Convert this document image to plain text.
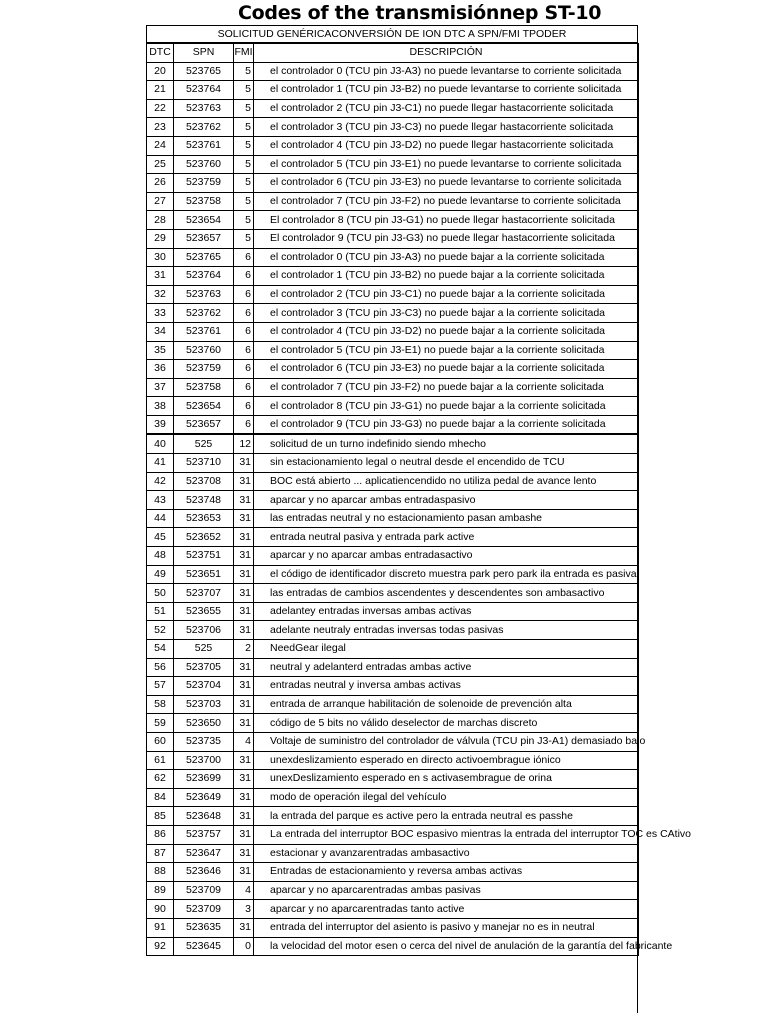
Codes of the transmisiónnep ST-10
SOLICITUD GENÉRICACONVERSIÓN DE ION DTC A SPN/FMI TPODER
DTC	SPN	FMI	DESCRIPCIÓN
20	523765	5	el controlador 0 (TCU pin J3-A3) no puede levantarse to corriente solicitada
21	523764	5	el controlador 1 (TCU pin J3-B2) no puede levantarse to corriente solicitada
22	523763	5	el controlador 2 (TCU pin J3-C1) no puede llegar hastacorriente solicitada
23	523762	5	el controlador 3 (TCU pin J3-C3) no puede llegar hastacorriente solicitada
24	523761	5	el controlador 4 (TCU pin J3-D2) no puede llegar hastacorriente solicitada
25	523760	5	el controlador 5 (TCU pin J3-E1) no puede levantarse to corriente solicitada
26	523759	5	el controlador 6 (TCU pin J3-E3) no puede levantarse to corriente solicitada
27	523758	5	el controlador 7 (TCU pin J3-F2) no puede levantarse to corriente solicitada
28	523654	5	El controlador 8 (TCU pin J3-G1) no puede llegar hastacorriente solicitada
29	523657	5	El controlador 9 (TCU pin J3-G3) no puede llegar hastacorriente solicitada
30	523765	6	el controlador 0 (TCU pin J3-A3) no puede bajar a la corriente solicitada
31	523764	6	el controlador 1 (TCU pin J3-B2) no puede bajar a la corriente solicitada
32	523763	6	el controlador 2 (TCU pin J3-C1) no puede bajar a la corriente solicitada
33	523762	6	el controlador 3 (TCU pin J3-C3) no puede bajar a la corriente solicitada
34	523761	6	el controlador 4 (TCU pin J3-D2) no puede bajar a la corriente solicitada
35	523760	6	el controlador 5 (TCU pin J3-E1) no puede bajar a la corriente solicitada
36	523759	6	el controlador 6 (TCU pin J3-E3) no puede bajar a la corriente solicitada
37	523758	6	el controlador 7 (TCU pin J3-F2) no puede bajar a la corriente solicitada
38	523654	6	el controlador 8 (TCU pin J3-G1) no puede bajar a la corriente solicitada
39	523657	6	el controlador 9 (TCU pin J3-G3) no puede bajar a la corriente solicitada
40	525	12	solicitud de un turno indefinido siendo mhecho
41	523710	31	sin estacionamiento legal o neutral desde el encendido de TCU
42	523708	31	BOC está abierto ... aplicatiencendido no utiliza pedal de avance lento
43	523748	31	aparcar y no aparcar ambas entradaspasivo
44	523653	31	las entradas neutral y no estacionamiento pasan ambashe
45	523652	31	entrada neutral pasiva y entrada park active
48	523751	31	aparcar y no aparcar ambas entradasactivo
49	523651	31	el código de identificador discreto muestra park pero park ila entrada es pasiva
50	523707	31	las entradas de cambios ascendentes y descendentes son ambasactivo
51	523655	31	adelantey entradas inversas ambas activas
52	523706	31	adelante neutraly entradas inversas todas pasivas
54	525	2	NeedGear ilegal
56	523705	31	neutral y adelanterd entradas ambas active
57	523704	31	entradas neutral y inversa ambas activas
58	523703	31	entrada de arranque habilitación de solenoide de prevención alta
59	523650	31	código de 5 bits no válido deselector de marchas discreto
60	523735	4	Voltaje de suministro del controlador de válvula (TCU pin J3-A1) demasiado bajo
61	523700	31	unexdeslizamiento esperado en directo activoembrague iónico
62	523699	31	unexDeslizamiento esperado en s activasembrague de orina
84	523649	31	modo de operación ilegal del vehículo
85	523648	31	la entrada del parque es active pero la entrada neutral es passhe
86	523757	31	La entrada del interruptor BOC espasivo mientras la entrada del interruptor TOC es CAtivo
87	523647	31	estacionar y avanzarentradas ambasactivo
88	523646	31	Entradas de estacionamiento y reversa ambas activas
89	523709	4	aparcar y no aparcarentradas ambas pasivas
90	523709	3	aparcar y no aparcarentradas tanto active
91	523635	31	entrada del interruptor del asiento is pasivo y manejar no es in neutral
92	523645	0	la velocidad del motor esen o cerca del nivel de anulación de la garantía del fabricante
